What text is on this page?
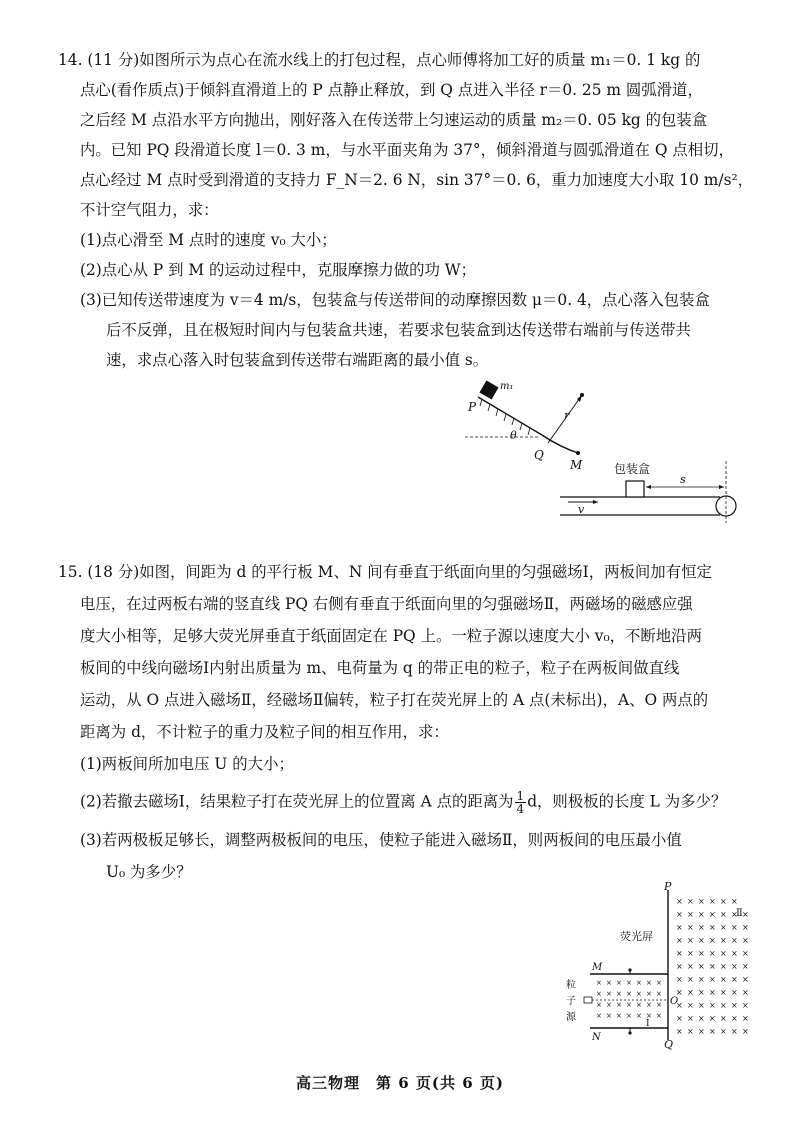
14. (11 分)如图所示为点心在流水线上的打包过程，点心师傅将加工好的质量 m₁＝0. 1 kg 的
点心(看作质点)于倾斜直滑道上的 P 点静止释放，到 Q 点进入半径 r＝0. 25 m 圆弧滑道，
之后经 M 点沿水平方向抛出，刚好落入在传送带上匀速运动的质量 m₂＝0. 05 kg 的包装盒
内。已知 PQ 段滑道长度 l＝0. 3 m，与水平面夹角为 37°，倾斜滑道与圆弧滑道在 Q 点相切，
点心经过 M 点时受到滑道的支持力 F_N＝2. 6 N，sin 37°＝0. 6，重力加速度大小取 10 m/s²，
不计空气阻力，求：
(1)点心滑至 M 点时的速度 v₀ 大小；
(2)点心从 P 到 M 的运动过程中，克服摩擦力做的功 W；
(3)已知传送带速度为 v＝4 m/s，包装盒与传送带间的动摩擦因数 μ＝0. 4，点心落入包装盒
后不反弹，且在极短时间内与包装盒共速，若要求包装盒到达传送带右端前与传送带共
速，求点心落入时包装盒到传送带右端距离的最小值 s。
m₁
P
r
θ
Q
M	包装盒
s
v
15. (18 分)如图，间距为 d 的平行板 M、N 间有垂直于纸面向里的匀强磁场Ⅰ，两板间加有恒定
电压，在过两板右端的竖直线 PQ 右侧有垂直于纸面向里的匀强磁场Ⅱ，两磁场的磁感应强
度大小相等，足够大荧光屏垂直于纸面固定在 PQ 上。一粒子源以速度大小 v₀，不断地沿两
板间的中线向磁场Ⅰ内射出质量为 m、电荷量为 q 的带正电的粒子，粒子在两板间做直线
运动，从 O 点进入磁场Ⅱ，经磁场Ⅱ偏转，粒子打在荧光屏上的 A 点(未标出)，A、O 两点的
距离为 d，不计粒子的重力及粒子间的相互作用，求：
(1)两板间所加电压 U 的大小；
(2)若撤去磁场Ⅰ，结果粒子打在荧光屏上的位置离 A 点的距离为 $\frac{1}{4}$ d，则极板的长度 L 为多少？
(3)若两极板足够长，调整两极板间的电压，使粒子能进入磁场Ⅱ，则两板间的电压最小值
U₀ 为多少？
P
Q
荧光屏
× × × × × ×
× × × × × × ×
× × × × × × ×
× × × × × × ×
× × × × × × ×
× × × × × × ×
× × × × × × ×
× × × × × × ×
× × × × × × ×
× × × × × × ×
× × × × × × ×
Ⅱ
M
N
× × × × × × ×
× × × × × × ×
× × × × × × ×
× × × × × × ×
Ⅰ
粒
子
源
O
高三物理　第 6 页(共 6 页)
